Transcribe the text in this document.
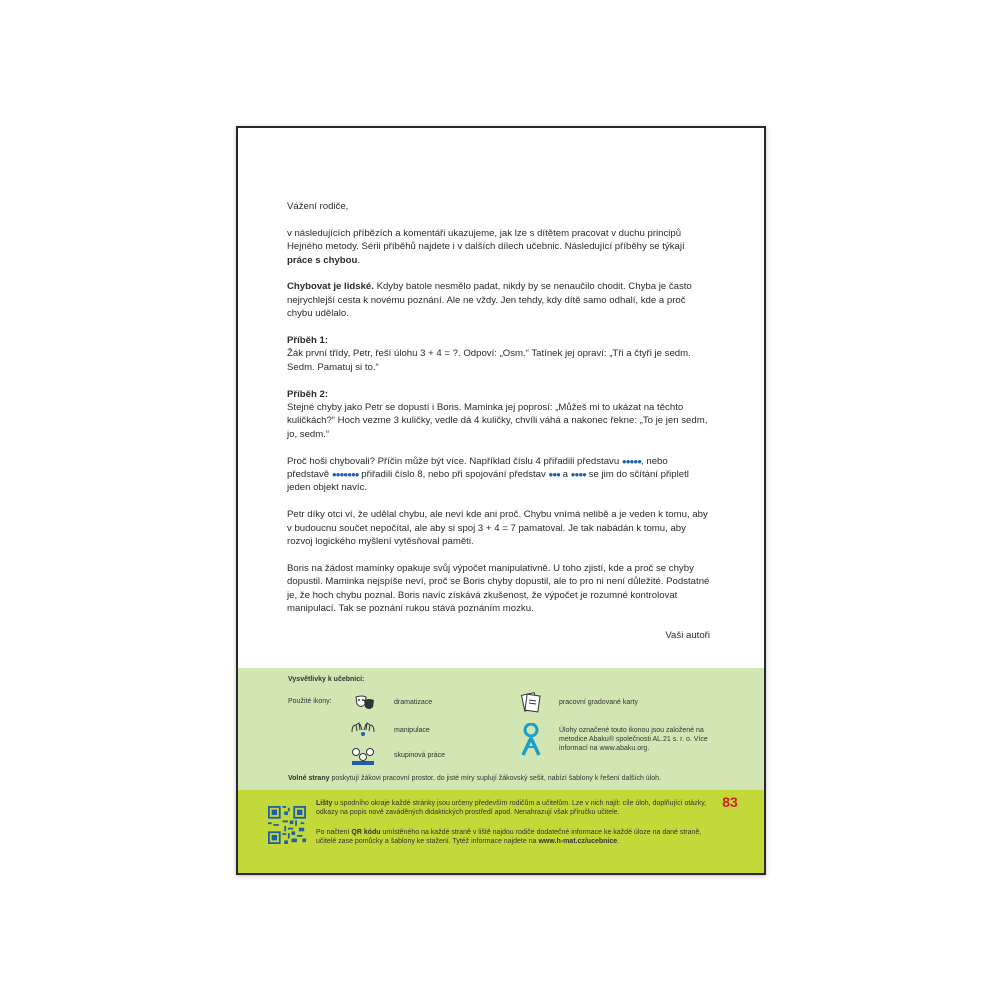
Vážení rodiče,

v následujících příbězích a komentáři ukazujeme, jak lze s dítětem pracovat v duchu principů Hejného metody. Sérii příběhů najdete i v dalších dílech učebnic. Následující příběhy se týkají práce s chybou.

Chybovat je lidské. Kdyby batole nesmělo padat, nikdy by se nenaučilo chodit. Chyba je často nejrychlejší cesta k novému poznání. Ale ne vždy. Jen tehdy, kdy dítě samo odhalí, kde a proč chybu udělalo.

Příběh 1:
Žák první třídy, Petr, řeší úlohu 3 + 4 = ?. Odpoví: „Osm.“ Tatínek jej opraví: „Tři a čtyři je sedm. Sedm. Pamatuj si to.“

Příběh 2:
Stejné chyby jako Petr se dopustí i Boris. Maminka jej poprosí: „Můžeš mi to ukázat na těchto kuličkách?“ Hoch vezme 3 kuličky, vedle dá 4 kuličky, chvíli váhá a nakonec řekne: „To je jen sedm, jo, sedm.“

Proč hoši chybovali? Příčin může být více. Například číslu 4 přiřadili představu ●●●●●, nebo představě ●●●●●●● přiřadili číslo 8, nebo při spojování představ ●●● a ●●●● se jim do sčítání připletl jeden objekt navíc.

Petr díky otci ví, že udělal chybu, ale neví kde ani proč. Chybu vnímá nelibě a je veden k tomu, aby v budoucnu součet nepočítal, ale aby si spoj 3 + 4 = 7 pamatoval. Je tak nabádán k tomu, aby rozvoj logického myšlení vytěsňoval paměti.

Boris na žádost maminky opakuje svůj výpočet manipulativně. U toho zjistí, kde a proč se chyby dopustil. Maminka nejspíše neví, proč se Boris chyby dopustil, ale to pro ni není důležité. Podstatné je, že hoch chybu poznal. Boris navíc získává zkušenost, že výpočet je rozumné kontrolovat manipulací. Tak se poznání rukou stává poznáním mozku.

Vaši autoři

Vysvětlivky k učebnici:
Použité ikony:	dramatizace
manipulace
skupinová práce
pracovní gradované karty
Úlohy označené touto ikonou jsou založené na metodice Abaku® společnosti AL.21 s. r. o. Více informací na www.abaku.org.
Volné strany poskytují žákovi pracovní prostor, do jisté míry suplují žákovský sešit, nabízí šablony k řešení dalších úloh.
Lišty u spodního okraje každé stránky jsou určeny především rodičům a učitelům. Lze v nich najít: cíle úloh, doplňující otázky, odkazy na popis nově zaváděných didaktických prostředí apod. Nenahrazují však příručku učitele.
Po načtení QR kódu umístěného na každé straně v liště najdou rodiče dodatečné informace ke každé úloze na dané straně, učitelé zase pomůcky a šablony ke stažení. Tytéž informace najdete na www.h-mat.cz/ucebnice.
83
